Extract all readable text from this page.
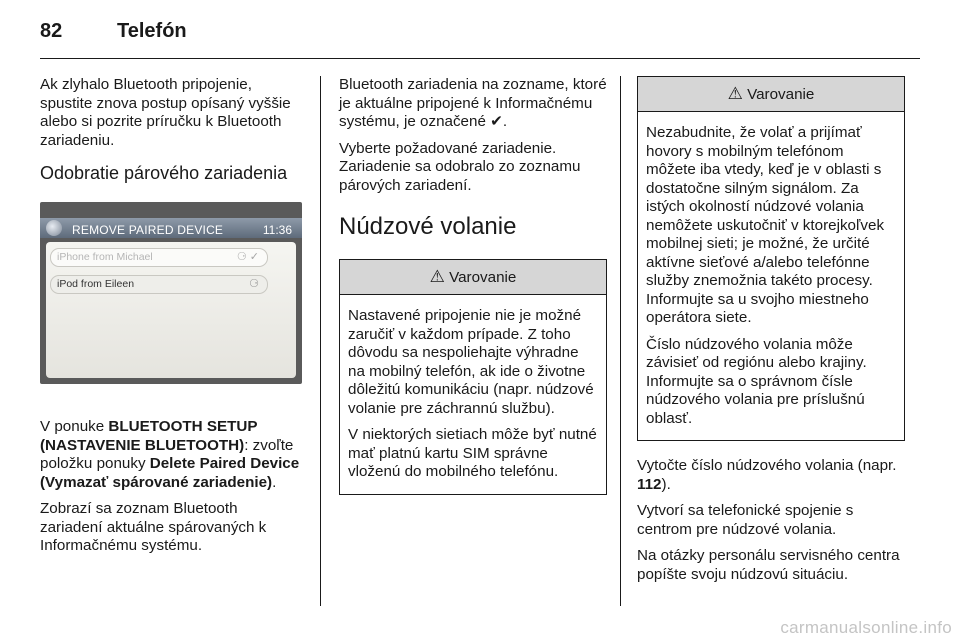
82	Telefón

Ak zlyhalo Bluetooth pripojenie, spustite znova postup opísaný vyššie alebo si pozrite príručku k Bluetooth zariadeniu.

Odobratie párového zariadenia
REMOVE PAIRED DEVICE	11:36
iPhone from Michael	⚆ ✓
iPod from Eileen	⚆

V ponuke BLUETOOTH SETUP (NASTAVENIE BLUETOOTH): zvoľte položku ponuky Delete Paired Device (Vymazať spárované zariadenie).

Zobrazí sa zoznam Bluetooth zariadení aktuálne spárovaných k Informačnému systému.

Bluetooth zariadenia na zozname, ktoré je aktuálne pripojené k Informačnému systému, je označené ✔.

Vyberte požadované zariadenie. Zariadenie sa odobralo zo zoznamu párových zariadení.

Núdzové volanie
⚠ Varovanie

Nastavené pripojenie nie je možné zaručiť v každom prípade. Z toho dôvodu sa nespoliehajte výhradne na mobilný telefón, ak ide o životne dôležitú komunikáciu (napr. núdzové volanie pre záchrannú službu).

V niektorých sietiach môže byť nutné mať platnú kartu SIM správne vloženú do mobilného telefónu.

⚠ Varovanie

Nezabudnite, že volať a prijímať hovory s mobilným telefónom môžete iba vtedy, keď je v oblasti s dostatočne silným signálom. Za istých okolností núdzové volania nemôžete uskutočniť v ktorejkoľvek mobilnej sieti; je možné, že určité aktívne sieťové a/alebo telefónne služby znemožnia takéto procesy. Informujte sa u svojho miestneho operátora siete.

Číslo núdzového volania môže závisieť od regiónu alebo krajiny. Informujte sa o správnom čísle núdzového volania pre príslušnú oblasť.

Vytočte číslo núdzového volania (napr. 112).

Vytvorí sa telefonické spojenie s centrom pre núdzové volania.

Na otázky personálu servisného centra popíšte svoju núdzovú situáciu.

carmanualsonline.info
